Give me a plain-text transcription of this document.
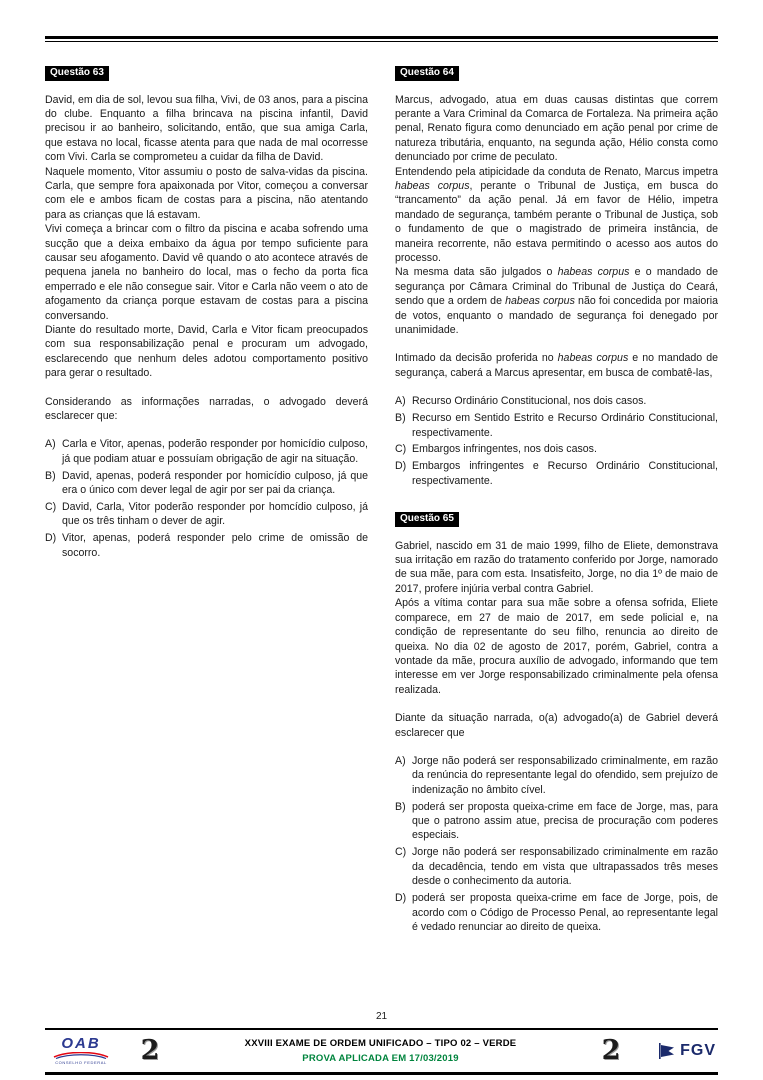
Questão 63

David, em dia de sol, levou sua filha, Vivi, de 03 anos, para a piscina do clube. Enquanto a filha brincava na piscina infantil, David precisou ir ao banheiro, solicitando, então, que sua amiga Carla, que estava no local, ficasse atenta para que nada de mal ocorresse com Vivi. Carla se comprometeu a cuidar da filha de David.

Naquele momento, Vitor assumiu o posto de salva-vidas da piscina. Carla, que sempre fora apaixonada por Vitor, começou a conversar com ele e ambos ficam de costas para a piscina, não atentando para as crianças que lá estavam.

Vivi começa a brincar com o filtro da piscina e acaba sofrendo uma sucção que a deixa embaixo da água por tempo suficiente para causar seu afogamento. David vê quando o ato acontece através de pequena janela no banheiro do local, mas o fecho da porta fica emperrado e ele não consegue sair. Vitor e Carla não veem o ato de afogamento da criança porque estavam de costas para a piscina conversando.

Diante do resultado morte, David, Carla e Vitor ficam preocupados com sua responsabilização penal e procuram um advogado, esclarecendo que nenhum deles adotou comportamento positivo para gerar o resultado.

Considerando as informações narradas, o advogado deverá esclarecer que:

A) Carla e Vitor, apenas, poderão responder por homicídio culposo, já que podiam atuar e possuíam obrigação de agir na situação.
B) David, apenas, poderá responder por homicídio culposo, já que era o único com dever legal de agir por ser pai da criança.
C) David, Carla, Vitor poderão responder por homcídio culposo, já que os três tinham o dever de agir.
D) Vitor, apenas, poderá responder pelo crime de omissão de socorro.
Questão 64

Marcus, advogado, atua em duas causas distintas que correm perante a Vara Criminal da Comarca de Fortaleza. Na primeira ação penal, Renato figura como denunciado em ação penal por crime de natureza tributária, enquanto, na segunda ação, Hélio consta como denunciado por crime de peculato.

Entendendo pela atipicidade da conduta de Renato, Marcus impetra habeas corpus, perante o Tribunal de Justiça, em busca do “trancamento” da ação penal. Já em favor de Hélio, impetra mandado de segurança, também perante o Tribunal de Justiça, sob o fundamento de que o magistrado de primeira instância, de maneira recorrente, não estava permitindo o acesso aos autos do processo.

Na mesma data são julgados o habeas corpus e o mandado de segurança por Câmara Criminal do Tribunal de Justiça do Ceará, sendo que a ordem de habeas corpus não foi concedida por maioria de votos, enquanto o mandado de segurança foi denegado por unanimidade.

Intimado da decisão proferida no habeas corpus e no mandado de segurança, caberá a Marcus apresentar, em busca de combatê-las,

A) Recurso Ordinário Constitucional, nos dois casos.
B) Recurso em Sentido Estrito e Recurso Ordinário Constitucional, respectivamente.
C) Embargos infringentes, nos dois casos.
D) Embargos infringentes e Recurso Ordinário Constitucional, respectivamente.
Questão 65

Gabriel, nascido em 31 de maio 1999, filho de Eliete, demonstrava sua irritação em razão do tratamento conferido por Jorge, namorado de sua mãe, para com esta. Insatisfeito, Jorge, no dia 1º de maio de 2017, profere injúria verbal contra Gabriel.

Após a vítima contar para sua mãe sobre a ofensa sofrida, Eliete comparece, em 27 de maio de 2017, em sede policial e, na condição de representante do seu filho, renuncia ao direito de queixa. No dia 02 de agosto de 2017, porém, Gabriel, contra a vontade da mãe, procura auxílio de advogado, informando que tem interesse em ver Jorge responsabilizado criminalmente pela ofensa realizada.

Diante da situação narrada, o(a) advogado(a) de Gabriel deverá esclarecer que

A) Jorge não poderá ser responsabilizado criminalmente, em razão da renúncia do representante legal do ofendido, sem prejuízo de indenização no âmbito cível.
B) poderá ser proposta queixa-crime em face de Jorge, mas, para que o patrono assim atue, precisa de procuração com poderes especiais.
C) Jorge não poderá ser responsabilizado criminalmente em razão da decadência, tendo em vista que ultrapassados três meses desde o conhecimento da autoria.
D) poderá ser proposta queixa-crime em face de Jorge, pois, de acordo com o Código de Processo Penal, ao representante legal é vedado renunciar ao direito de queixa.
21
OAB
CONSELHO FEDERAL 2	XXVIII EXAME DE ORDEM UNIFICADO – TIPO 02 – VERDE
PROVA APLICADA EM 17/03/2019	2	FGV
